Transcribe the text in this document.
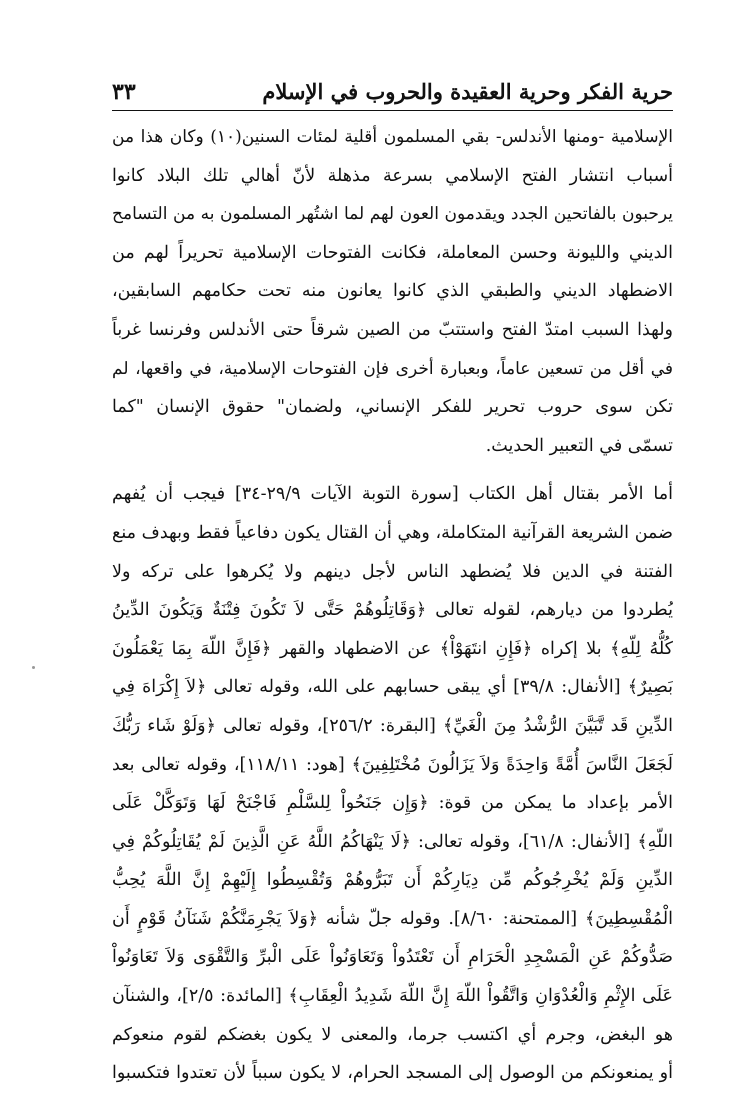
حرية الفكر وحرية العقيدة والحروب في الإسلام
٣٣
الإسلامية -ومنها الأندلس- بقي المسلمون أقلية لمئات السنين(١٠) وكان هذا من
أسباب انتشار الفتح الإسلامي بسرعة مذهلة لأنّ أهالي تلك البلاد كانوا
يرحبون بالفاتحين الجدد ويقدمون العون لهم لما اشتُهر المسلمون به من التسامح
الديني والليونة وحسن المعاملة، فكانت الفتوحات الإسلامية تحريراً لهم من
الاضطهاد الديني والطبقي الذي كانوا يعانون منه تحت حكامهم السابقين،
ولهذا السبب امتدّ الفتح واستتبّ من الصين شرقاً حتى الأندلس وفرنسا غرباً
في أقل من تسعين عاماً، وبعبارة أخرى فإن الفتوحات الإسلامية، في واقعها، لم
تكن سوى حروب تحرير للفكر الإنساني، ولضمان" حقوق الإنسان "كما
تسمّى في التعبير الحديث.
أما الأمر بقتال أهل الكتاب [سورة التوبة الآيات ٢٩/٩-٣٤] فيجب أن يُفهم
ضمن الشريعة القرآنية المتكاملة، وهي أن القتال يكون دفاعياً فقط وبهدف منع
الفتنة في الدين فلا يُضطهد الناس لأجل دينهم ولا يُكرهوا على تركه ولا
يُطردوا من ديارهم، لقوله تعالى ﴿وَقَاتِلُوهُمْ حَتَّى لاَ تَكُونَ فِتْنَةٌ وَيَكُونَ الدِّينُ
كُلُّهُ لِلّهِ﴾ بلا إكراه ﴿فَإِنِ انتَهَوْاْ﴾ عن الاضطهاد والقهر ﴿فَإِنَّ اللّهَ بِمَا يَعْمَلُونَ
بَصِيرٌ﴾ [الأنفال: ٣٩/٨] أي يبقى حسابهم على الله، وقوله تعالى ﴿لاَ إِكْرَاهَ فِي
الدِّينِ قَد تَّبَيَّنَ الرُّشْدُ مِنَ الْغَيِّ﴾ [البقرة: ٢٥٦/٢]، وقوله تعالى ﴿وَلَوْ شَاء رَبُّكَ
لَجَعَلَ النَّاسَ أُمَّةً وَاحِدَةً وَلاَ يَزَالُونَ مُخْتَلِفِينَ﴾ [هود: ١١٨/١١]، وقوله تعالى بعد
الأمر بإعداد ما يمكن من قوة: ﴿وَإِن جَنَحُواْ لِلسَّلْمِ فَاجْنَحْ لَهَا وَتَوَكَّلْ عَلَى
اللّهِ﴾ [الأنفال: ٦١/٨]، وقوله تعالى: ﴿لَا يَنْهَاكُمُ اللَّهُ عَنِ الَّذِينَ لَمْ يُقَاتِلُوكُمْ فِي
الدِّينِ وَلَمْ يُخْرِجُوكُم مِّن دِيَارِكُمْ أَن تَبَرُّوهُمْ وَتُقْسِطُوا إِلَيْهِمْ إِنَّ اللَّهَ يُحِبُّ
الْمُقْسِطِينَ﴾ [الممتحنة: ٨/٦٠]. وقوله جلّ شأنه ﴿وَلاَ يَجْرِمَنَّكُمْ شَنَآنُ قَوْمٍ أَن
صَدُّوكُمْ عَنِ الْمَسْجِدِ الْحَرَامِ أَن تَعْتَدُواْ وَتَعَاوَنُواْ عَلَى الْبرِّ وَالتَّقْوَى وَلاَ تَعَاوَنُواْ
عَلَى الإِثْمِ وَالْعُدْوَانِ وَاتَّقُواْ اللّهَ إِنَّ اللّهَ شَدِيدُ الْعِقَابِ﴾ [المائدة: ٢/٥]، والشنآن
هو البغض، وجرم أي اكتسب جرما، والمعنى لا يكون بغضكم لقوم منعوكم
أو يمنعونكم من الوصول إلى المسجد الحرام، لا يكون سبباً لأن تعتدوا فتكسبوا
